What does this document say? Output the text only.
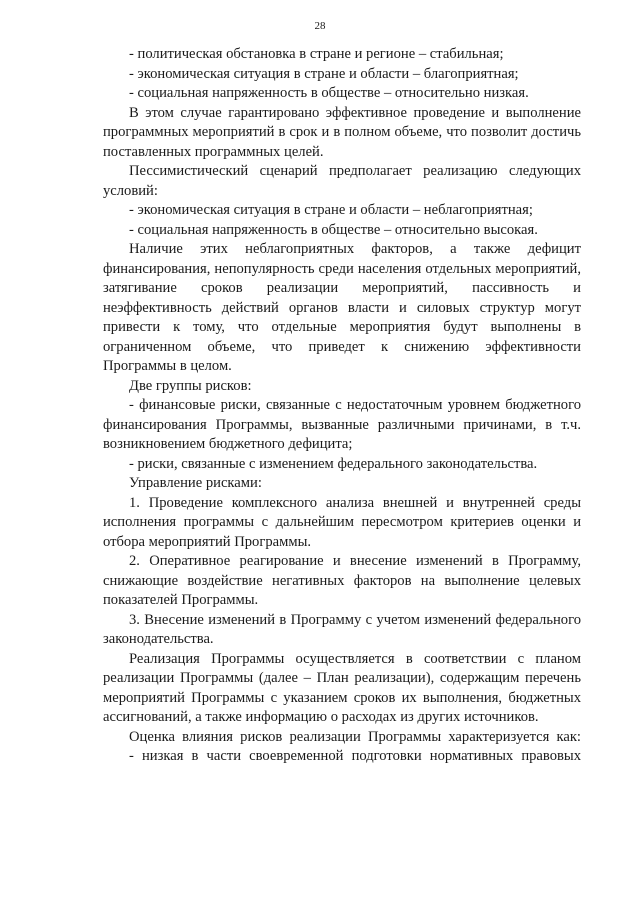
28
- политическая обстановка в стране и регионе – стабильная;
- экономическая ситуация в стране и области – благоприятная;
- социальная напряженность в обществе – относительно низкая.
В этом случае гарантировано эффективное проведение и выполнение
программных мероприятий в срок и в полном объеме, что позволит достичь
поставленных программных целей.
Пессимистический сценарий предполагает реализацию следующих
условий:
- экономическая ситуация в стране и области – неблагоприятная;
- социальная напряженность в обществе – относительно высокая.
Наличие этих неблагоприятных факторов, а также дефицит
финансирования, непопулярность среди населения отдельных мероприятий,
затягивание сроков реализации мероприятий, пассивность и
неэффективность действий органов власти и силовых структур могут
привести к тому, что отдельные мероприятия будут выполнены в
ограниченном объеме, что приведет к снижению эффективности
Программы в целом.
Две группы рисков:
- финансовые риски, связанные с недостаточным уровнем бюджетного
финансирования Программы, вызванные различными причинами, в т.ч.
возникновением бюджетного дефицита;
- риски, связанные с изменением федерального законодательства.
Управление рисками:
1. Проведение комплексного анализа внешней и внутренней среды
исполнения программы с дальнейшим пересмотром критериев оценки и
отбора мероприятий Программы.
2. Оперативное реагирование и внесение изменений в Программу,
снижающие воздействие негативных факторов на выполнение целевых
показателей Программы.
3. Внесение изменений в Программу с учетом изменений федерального
законодательства.
Реализация Программы осуществляется в соответствии с планом
реализации Программы (далее – План реализации), содержащим перечень
мероприятий Программы с указанием сроков их выполнения, бюджетных
ассигнований, а также информацию о расходах из других источников.
Оценка влияния рисков реализации Программы характеризуется как:
- низкая в части своевременной подготовки нормативных правовых
